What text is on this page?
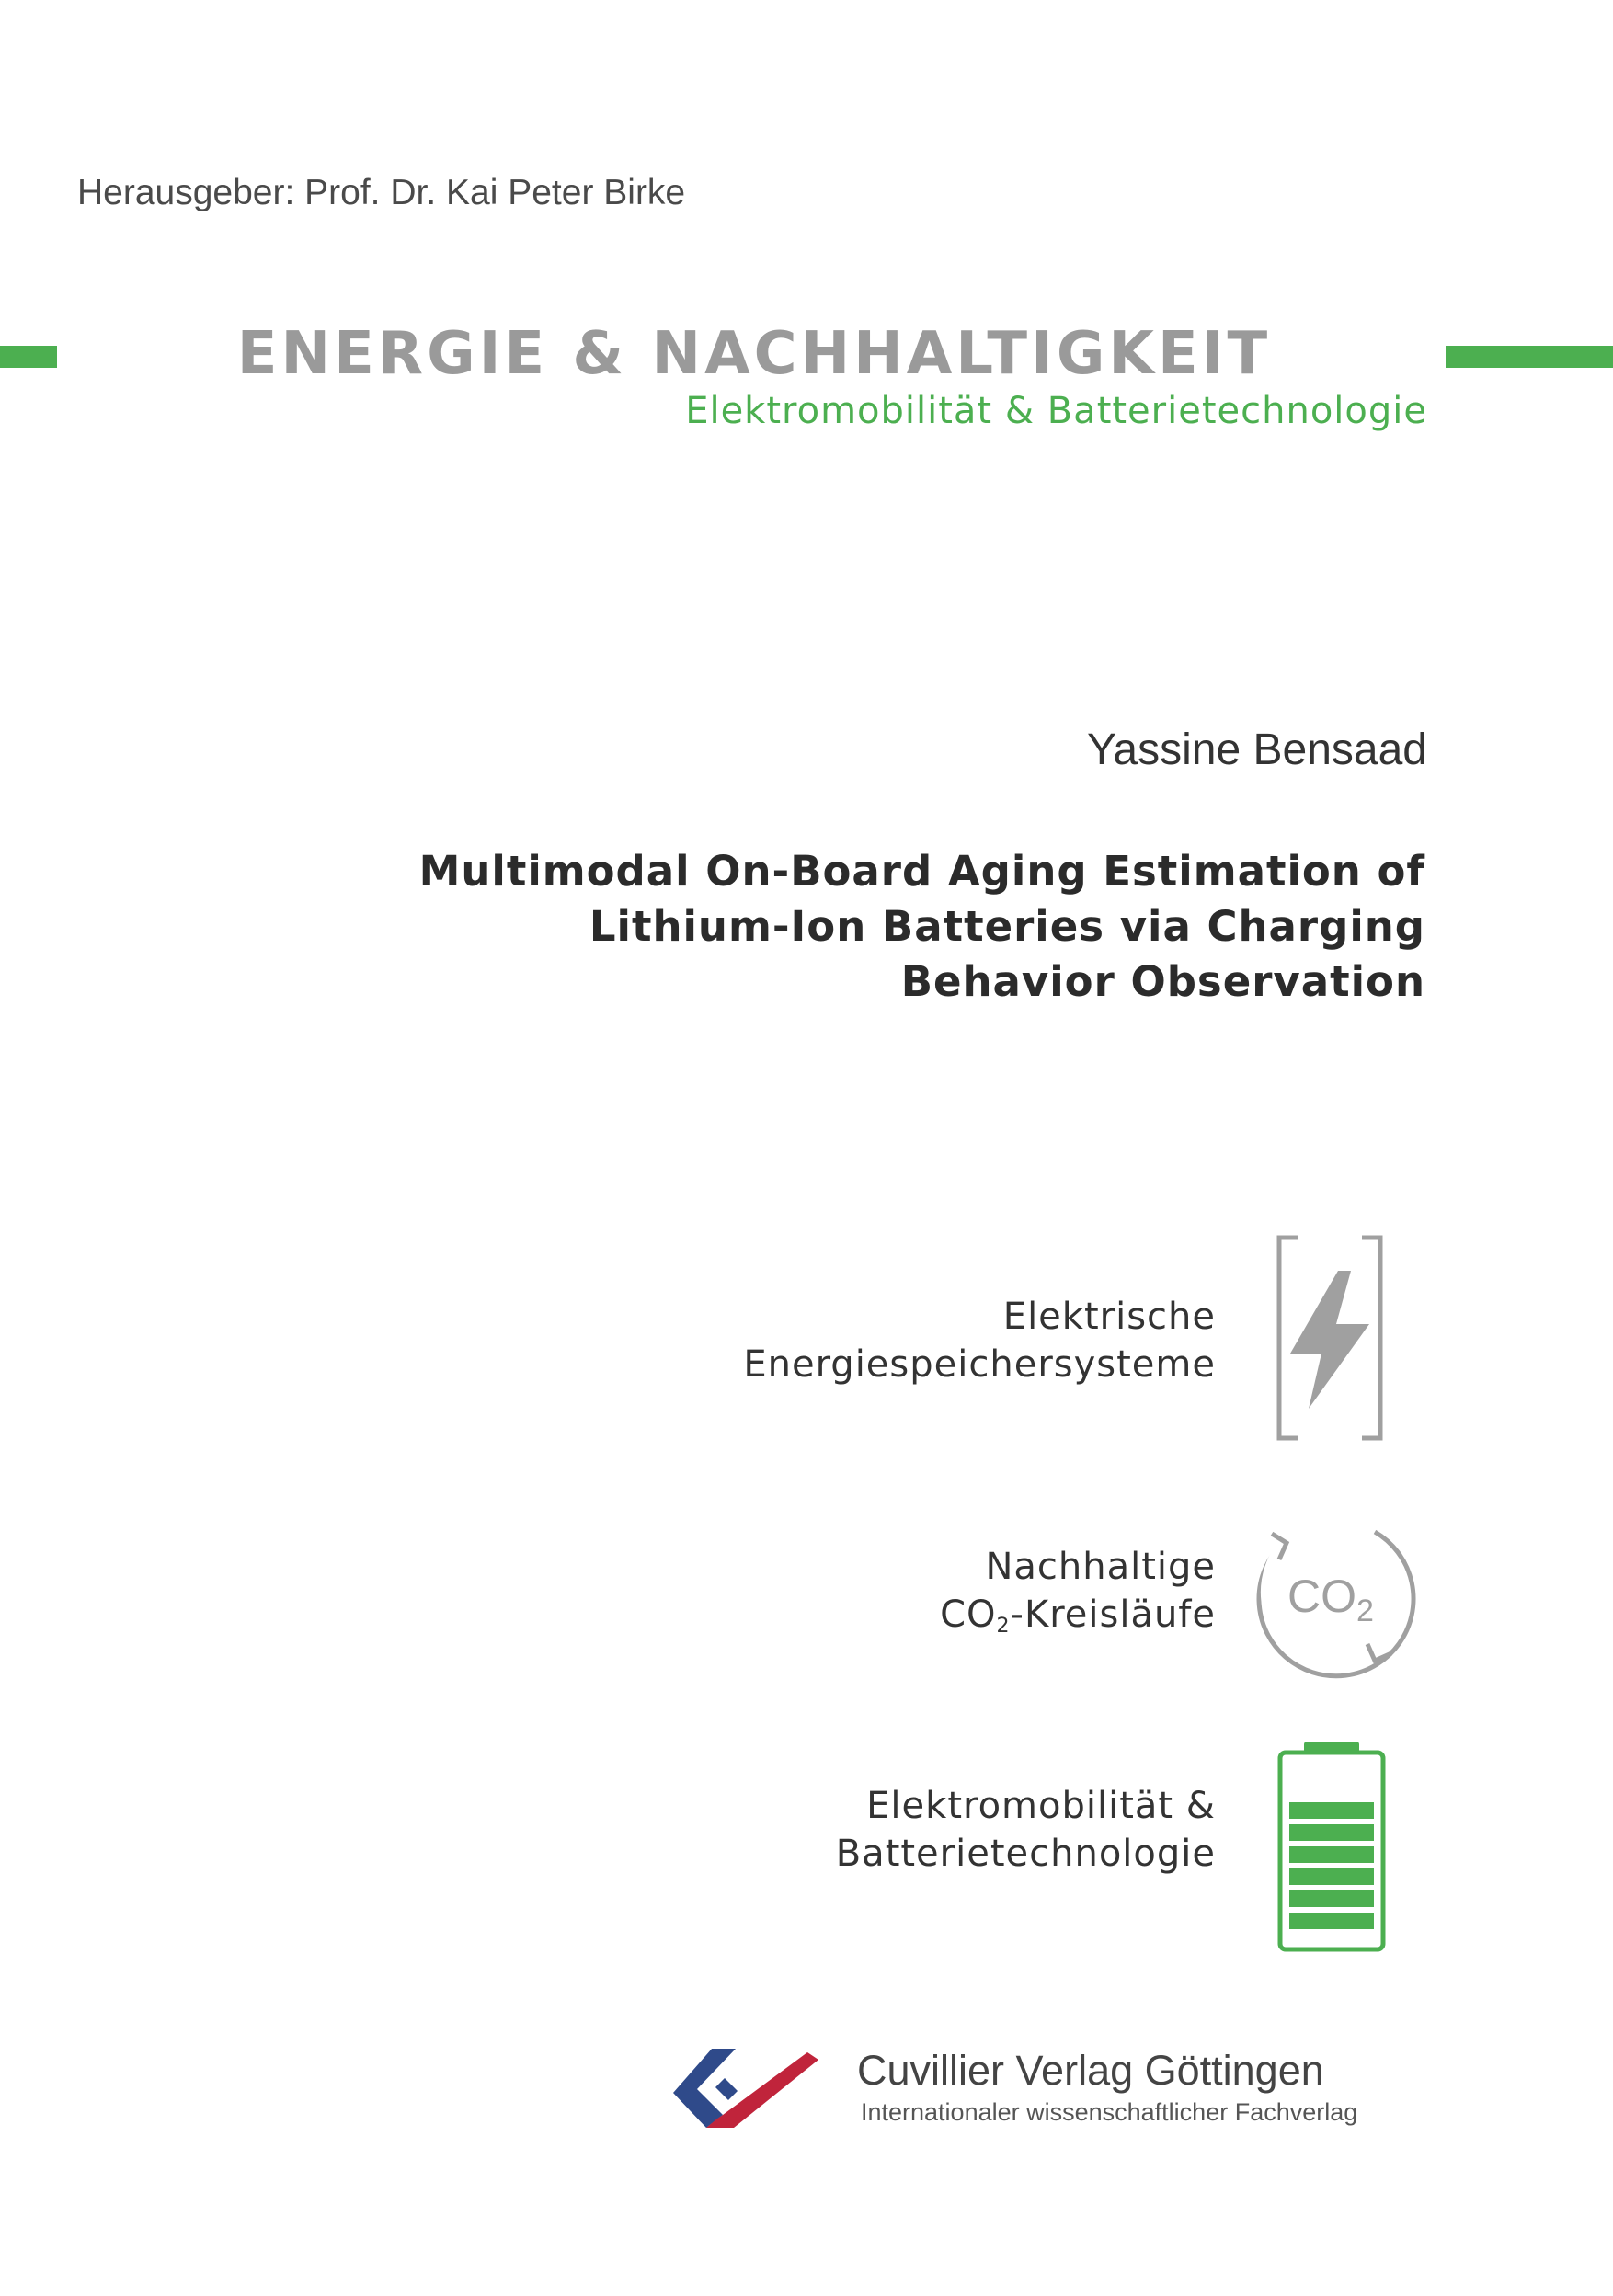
Herausgeber: Prof. Dr. Kai Peter Birke
ENERGIE & NACHHALTIGKEIT
Elektromobilität & Batterietechnologie
Yassine Bensaad
Multimodal On-Board Aging Estimation of
Lithium-Ion Batteries via Charging
Behavior Observation
Elektrische
Energiespeichersysteme
Nachhaltige
$CO_2$-Kreisläufe $CO_2$
Elektromobilität &
Batterietechnologie
Cuvillier Verlag Göttingen
Internationaler wissenschaftlicher Fachverlag
